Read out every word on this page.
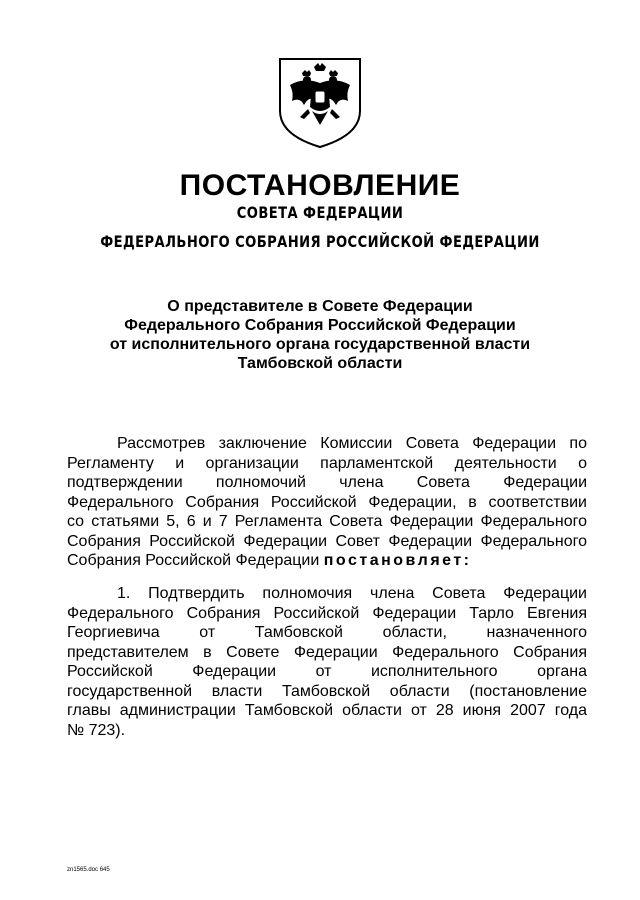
ПОСТАНОВЛЕНИЕ
СОВЕТА ФЕДЕРАЦИИ
ФЕДЕРАЛЬНОГО СОБРАНИЯ РОССИЙСКОЙ ФЕДЕРАЦИИ
О представителе в Совете Федерации
Федерального Собрания Российской Федерации
от исполнительного органа государственной власти
Тамбовской области
Рассмотрев заключение Комиссии Совета Федерации по
Регламенту и организации парламентской деятельности о
подтверждении полномочий члена Совета Федерации
Федерального Собрания Российской Федерации, в соответствии
со статьями 5, 6 и 7 Регламента Совета Федерации Федерального
Собрания Российской Федерации Совет Федерации Федерального
Собрания Российской Федерации постановляет:
1. Подтвердить полномочия члена Совета Федерации
Федерального Собрания Российской Федерации Тарло Евгения
Георгиевича от Тамбовской области, назначенного
представителем в Совете Федерации Федерального Собрания
Российской Федерации от исполнительного органа
государственной власти Тамбовской области (постановление
главы администрации Тамбовской области от 28 июня 2007 года
№ 723).
zn1565.doc 645
